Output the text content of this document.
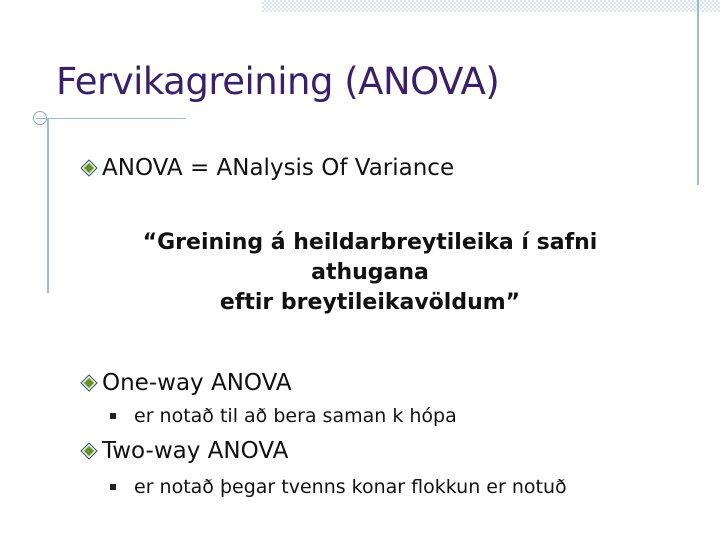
Fervikagreining (ANOVA)
ANOVA = ANalysis Of Variance
“Greining á heildarbreytileika í safni
athugana
eftir breytileikavöldum”
One-way ANOVA
er notað til að bera saman k hópa
Two-way ANOVA
er notað þegar tvenns konar flokkun er notuð
